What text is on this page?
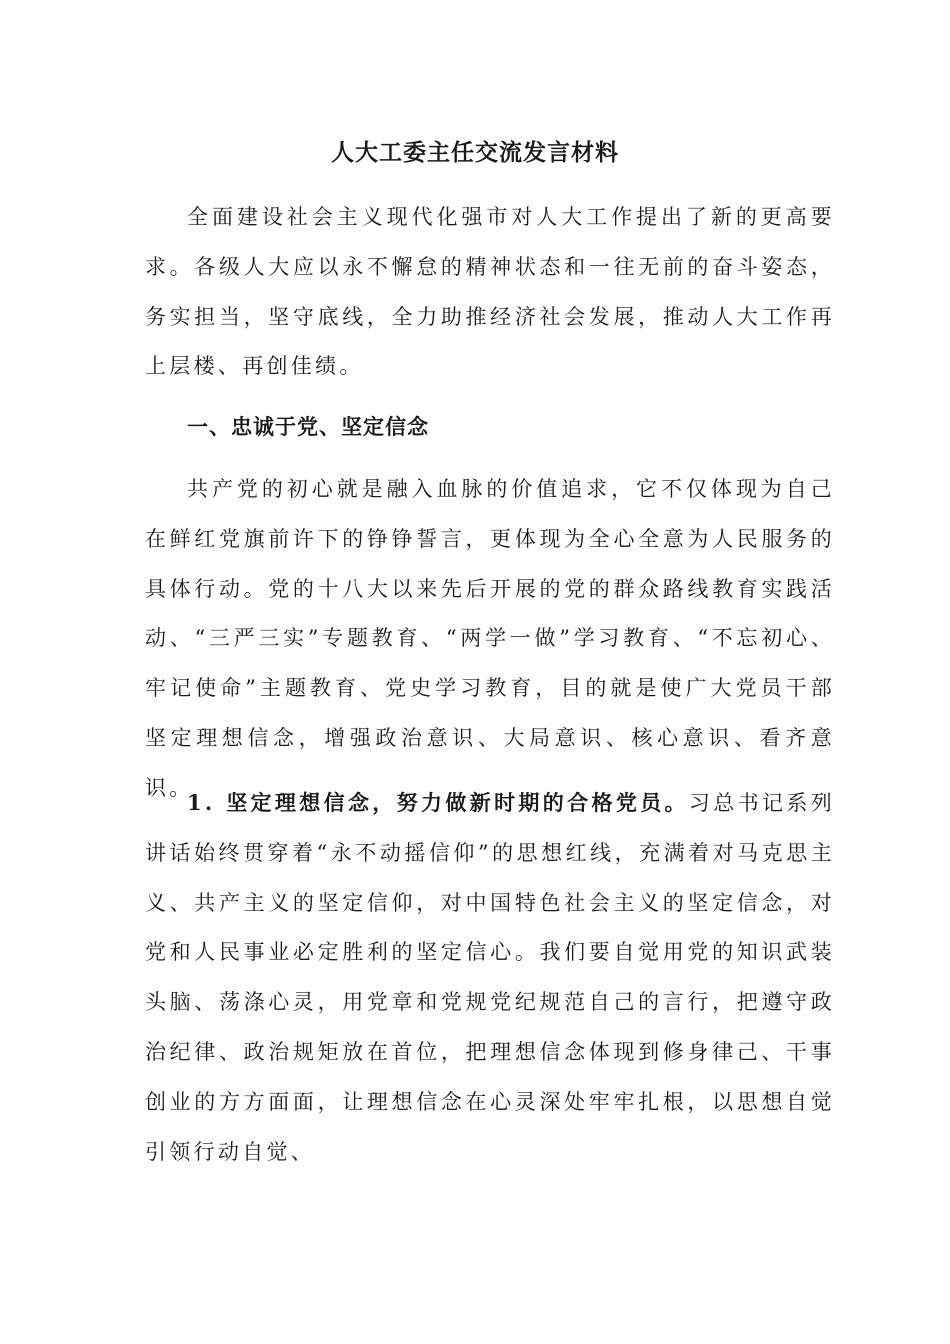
人大工委主任交流发言材料

全面建设社会主义现代化强市对人大工作提出了新的更高要求。各级人大应以永不懈怠的精神状态和一往无前的奋斗姿态，务实担当，坚守底线，全力助推经济社会发展，推动人大工作再上层楼、再创佳绩。

一、忠诚于党、坚定信念

共产党的初心就是融入血脉的价值追求，它不仅体现为自己在鲜红党旗前许下的铮铮誓言，更体现为全心全意为人民服务的具体行动。党的十八大以来先后开展的党的群众路线教育实践活动、“三严三实”专题教育、“两学一做”学习教育、“不忘初心、牢记使命”主题教育、党史学习教育，目的就是使广大党员干部坚定理想信念，增强政治意识、大局意识、核心意识、看齐意识。

1. 坚定理想信念，努力做新时期的合格党员。习总书记系列讲话始终贯穿着“永不动摇信仰”的思想红线，充满着对马克思主义、共产主义的坚定信仰，对中国特色社会主义的坚定信念，对党和人民事业必定胜利的坚定信心。我们要自觉用党的知识武装头脑、荡涤心灵，用党章和党规党纪规范自己的言行，把遵守政治纪律、政治规矩放在首位，把理想信念体现到修身律己、干事创业的方方面面，让理想信念在心灵深处牢牢扎根，以思想自觉引领行动自觉、
